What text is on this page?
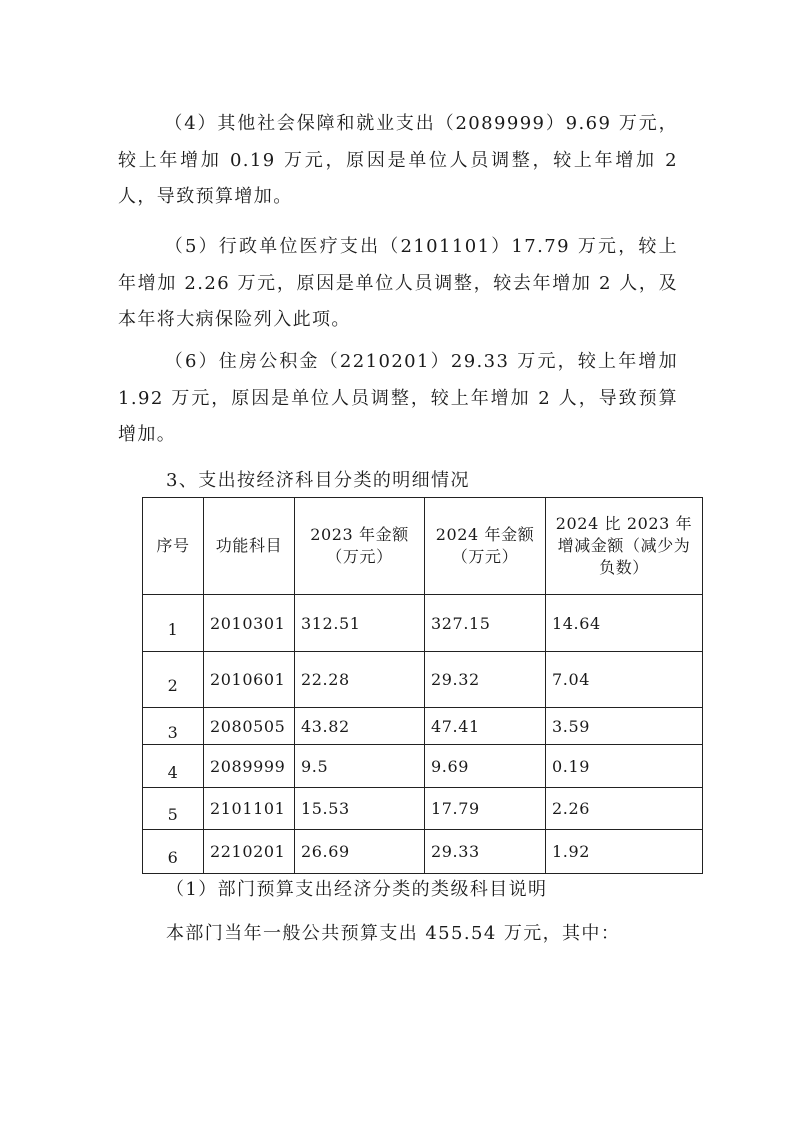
（4）其他社会保障和就业支出（2089999）9.69 万元，较上年增加 0.19 万元，原因是单位人员调整，较上年增加 2 人，导致预算增加。

（5）行政单位医疗支出（2101101）17.79 万元，较上年增加 2.26 万元，原因是单位人员调整，较去年增加 2 人，及本年将大病保险列入此项。

（6）住房公积金（2210201）29.33 万元，较上年增加 1.92 万元，原因是单位人员调整，较上年增加 2 人，导致预算增加。

3、支出按经济科目分类的明细情况

序号	功能科目	2023 年金额（万元）	2024 年金额（万元）	2024 比 2023 年增减金额（减少为负数）
1	2010301	312.51	327.15	14.64
2	2010601	22.28	29.32	7.04
3	2080505	43.82	47.41	3.59
4	2089999	9.5	9.69	0.19
5	2101101	15.53	17.79	2.26
6	2210201	26.69	29.33	1.92

（1）部门预算支出经济分类的类级科目说明

本部门当年一般公共预算支出 455.54 万元，其中：
